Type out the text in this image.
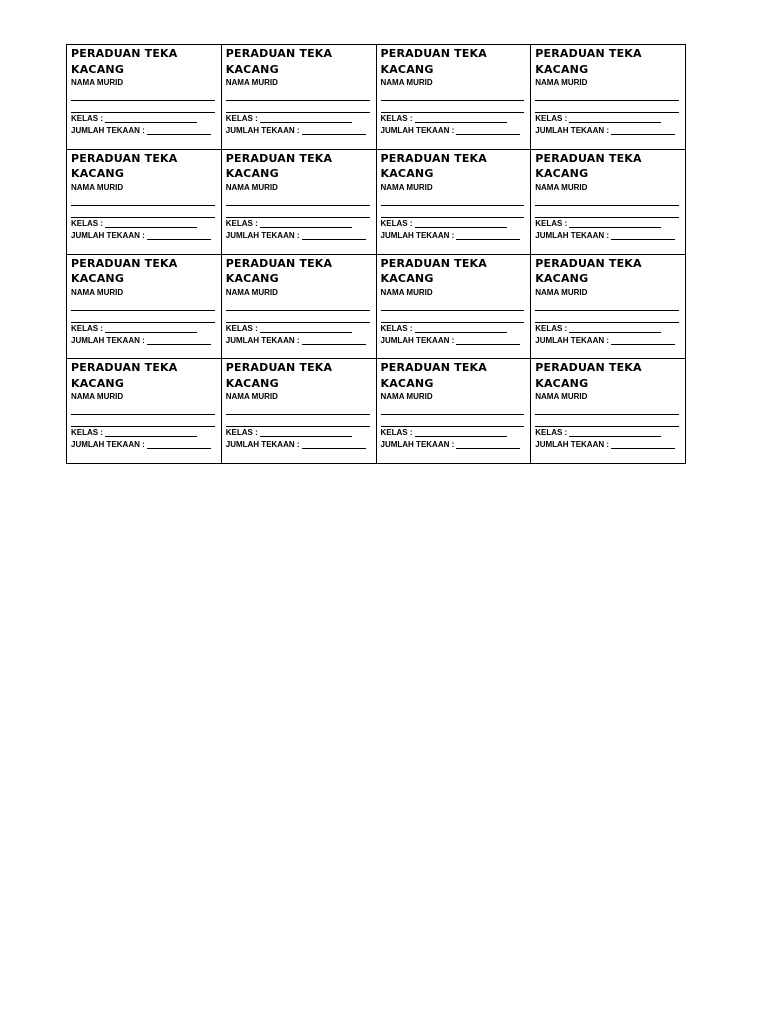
PERADUAN TEKA
KACANG
NAMA MURID
KELAS :
JUMLAH TEKAAN :
PERADUAN TEKA
KACANG
NAMA MURID
KELAS :
JUMLAH TEKAAN :
PERADUAN TEKA
KACANG
NAMA MURID
KELAS :
JUMLAH TEKAAN :
PERADUAN TEKA
KACANG
NAMA MURID
KELAS :
JUMLAH TEKAAN :
PERADUAN TEKA
KACANG
NAMA MURID
KELAS :
JUMLAH TEKAAN :
PERADUAN TEKA
KACANG
NAMA MURID
KELAS :
JUMLAH TEKAAN :
PERADUAN TEKA
KACANG
NAMA MURID
KELAS :
JUMLAH TEKAAN :
PERADUAN TEKA
KACANG
NAMA MURID
KELAS :
JUMLAH TEKAAN :
PERADUAN TEKA
KACANG
NAMA MURID
KELAS :
JUMLAH TEKAAN :
PERADUAN TEKA
KACANG
NAMA MURID
KELAS :
JUMLAH TEKAAN :
PERADUAN TEKA
KACANG
NAMA MURID
KELAS :
JUMLAH TEKAAN :
PERADUAN TEKA
KACANG
NAMA MURID
KELAS :
JUMLAH TEKAAN :
PERADUAN TEKA
KACANG
NAMA MURID
KELAS :
JUMLAH TEKAAN :
PERADUAN TEKA
KACANG
NAMA MURID
KELAS :
JUMLAH TEKAAN :
PERADUAN TEKA
KACANG
NAMA MURID
KELAS :
JUMLAH TEKAAN :
PERADUAN TEKA
KACANG
NAMA MURID
KELAS :
JUMLAH TEKAAN :
